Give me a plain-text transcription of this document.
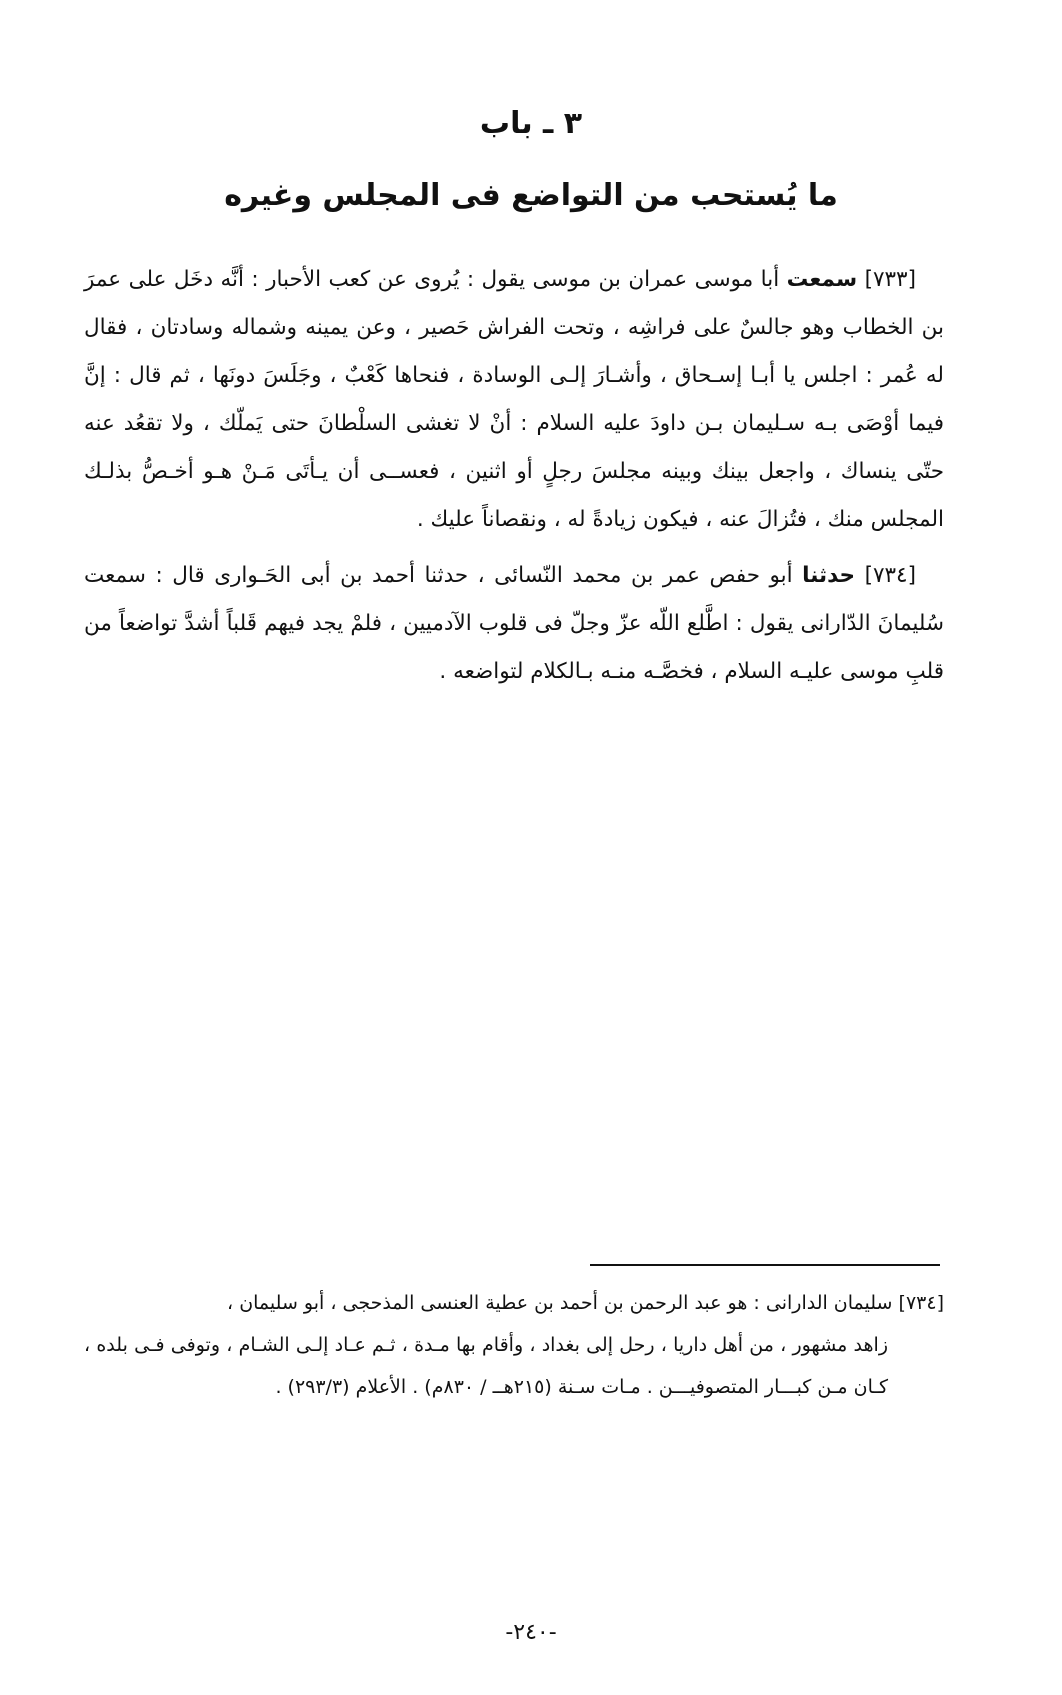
٣ ـ باب
ما يُستحب من التواضع فى المجلس وغيره

[٧٣٣] سمعت أبا موسى عمران بن موسى يقول : يُروى عن كعب الأحبار : أنَّه دخَل على عمرَ بن الخطاب وهو جالسٌ على فراشِه ، وتحت الفراش حَصير ، وعن يمينه وشماله وسادتان ، فقال له عُمر : اجلس يا أبـا إسـحاق ، وأشـارَ إلـى الوسادة ، فنحاها كَعْبٌ ، وجَلَسَ دونَها ، ثم قال : إنَّ فيما أوْصَى بـه سـليمان بـن داودَ عليه السلام : أنْ لا تغشى السلْطانَ حتى يَملّك ، ولا تقعُد عنه حتّى ينساك ، واجعل بينك وبينه مجلسَ رجلٍ أو اثنين ، فعســى أن يـأتَى مَـنْ هـو أخـصُّ بذلـك المجلس منك ، فتُزالَ عنه ، فيكون زيادةً له ، ونقصاناً عليك .

[٧٣٤] حدثنا أبو حفص عمر بن محمد النّسائى ، حدثنا أحمد بن أبى الحَـوارى قال : سمعت سُليمانَ الدّارانى يقول : اطَّلع اللّه عزّ وجلّ فى قلوب الآدميين ، فلمْ يجد فيهم قَلباً أشدَّ تواضعاً من قلبِ موسى عليـه السلام ، فخصَّـه منـه بـالكلام لتواضعه .

[٧٣٤] سليمان الدارانى : هو عبد الرحمن بن أحمد بن عطية العنسى المذحجى ، أبو سليمان ،
زاهد مشهور ، من أهل داريا ، رحل إلى بغداد ، وأقام بها مـدة ، ثـم عـاد إلـى الشـام ، وتوفى فـى بلده ، كـان مـن كبـــار المتصوفيـــن . مـات سـنة (٢١٥هــ / ٨٣٠م) . الأعلام (٢٩٣/٣) .

-٢٤٠-
